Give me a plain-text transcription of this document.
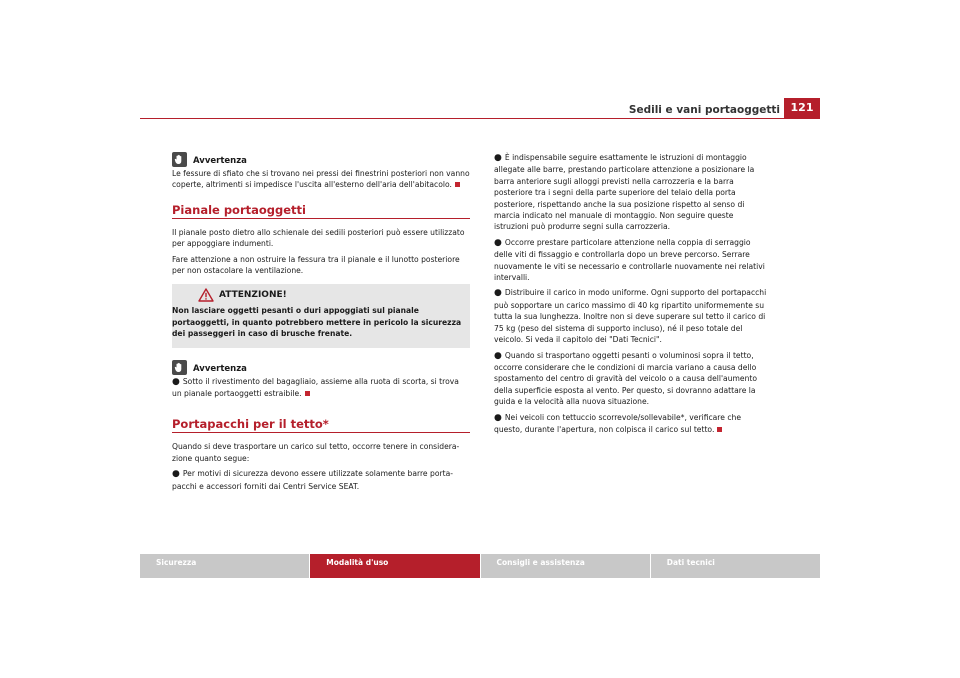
Sedili e vani portaoggetti 121
Avvertenza

Le fessure di sfiato che si trovano nei pressi dei finestrini posteriori non vanno coperte, altrimenti si impedisce l'uscita all'esterno dell'aria dell'abitacolo.

Pianale portaoggetti

Il pianale posto dietro allo schienale dei sedili posteriori può essere utilizzato per appoggiare indumenti.

Fare attenzione a non ostruire la fessura tra il pianale e il lunotto posteriore per non ostacolare la ventilazione.

ATTENZIONE!

Non lasciare oggetti pesanti o duri appoggiati sul pianale portaoggetti, in quanto potrebbero mettere in pericolo la sicurezza dei passeggeri in caso di brusche frenate.

Avvertenza

● Sotto il rivestimento del bagagliaio, assieme alla ruota di scorta, si trova un pianale portaoggetti estraibile.

Portapacchi per il tetto*

Quando si deve trasportare un carico sul tetto, occorre tenere in considera-zione quanto segue:

● Per motivi di sicurezza devono essere utilizzate solamente barre porta-pacchi e accessori forniti dai Centri Service SEAT.

● È indispensabile seguire esattamente le istruzioni di montaggio allegate alle barre, prestando particolare attenzione a posizionare la barra anteriore sugli alloggi previsti nella carrozzeria e la barra posteriore tra i segni della parte superiore del telaio della porta posteriore, rispettando anche la sua posizione rispetto al senso di marcia indicato nel manuale di montaggio. Non seguire queste istruzioni può produrre segni sulla carrozzeria.

● Occorre prestare particolare attenzione nella coppia di serraggio delle viti di fissaggio e controllarla dopo un breve percorso. Serrare nuovamente le viti se necessario e controllarle nuovamente nei relativi intervalli.

● Distribuire il carico in modo uniforme. Ogni supporto del portapacchi può sopportare un carico massimo di 40 kg ripartito uniformemente su tutta la sua lunghezza. Inoltre non si deve superare sul tetto il carico di 75 kg (peso del sistema di supporto incluso), né il peso totale del veicolo. Si veda il capitolo dei "Dati Tecnici".

● Quando si trasportano oggetti pesanti o voluminosi sopra il tetto, occorre considerare che le condizioni di marcia variano a causa dello spostamento del centro di gravità del veicolo o a causa dell'aumento della superficie esposta al vento. Per questo, si dovranno adattare la guida e la velocità alla nuova situazione.

● Nei veicoli con tettuccio scorrevole/sollevabile*, verificare che questo, durante l'apertura, non colpisca il carico sul tetto.

Sicurezza	Modalità d'uso	Consigli e assistenza	Dati tecnici
